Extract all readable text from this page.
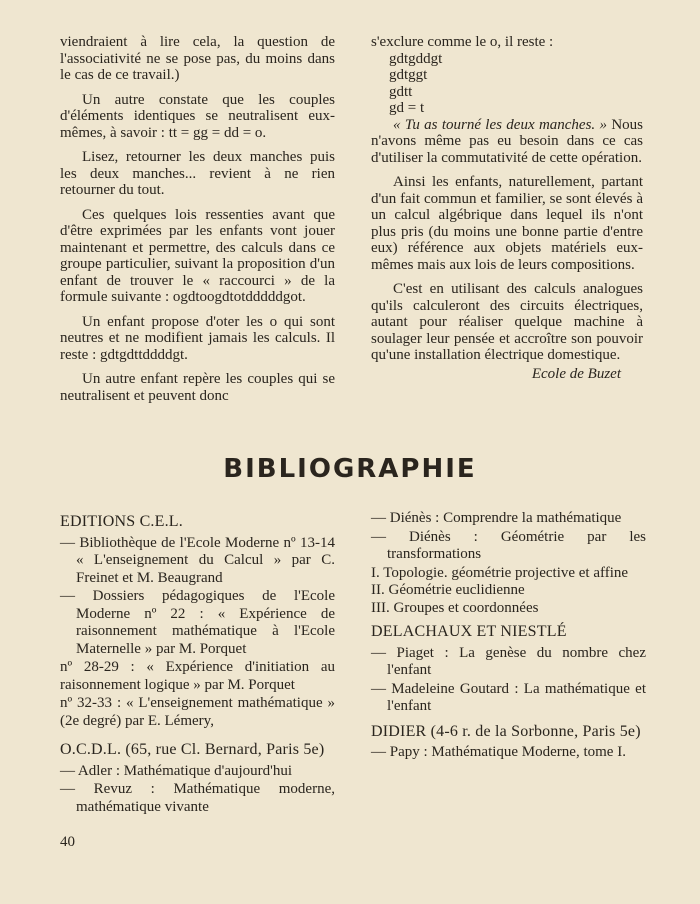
viendraient à lire cela, la question de l'associativité ne se pose pas, du moins dans le cas de ce travail.)

Un autre constate que les couples d'éléments identiques se neutralisent eux-mêmes, à savoir : tt = gg = dd = o.

Lisez, retourner les deux manches puis les deux manches... revient à ne rien retourner du tout.

Ces quelques lois ressenties avant que d'être exprimées par les enfants vont jouer maintenant et permettre, des calculs dans ce groupe particulier, suivant la proposition d'un enfant de trouver le « raccourci » de la formule suivante : ogdtoogdtotdddddgot.

Un enfant propose d'oter les o qui sont neutres et ne modifient jamais les calculs. Il reste : gdtgdttddddgt.

Un autre enfant repère les couples qui se neutralisent et peuvent donc

s'exclure comme le o, il reste :

gdtgddgt
gdtggt
gdtt
gd = t

« Tu as tourné les deux manches. » Nous n'avons même pas eu besoin dans ce cas d'utiliser la commutativité de cette opération.

Ainsi les enfants, naturellement, partant d'un fait commun et familier, se sont élevés à un calcul algébrique dans lequel ils n'ont plus pris (du moins une bonne partie d'entre eux) référence aux objets matériels eux-mêmes mais aux lois de leurs compositions.

C'est en utilisant des calculs analogues qu'ils calculeront des circuits électriques, autant pour réaliser quelque machine à soulager leur pensée et accroître son pouvoir qu'une installation électrique domestique.

Ecole de Buzet
BIBLIOGRAPHIE
EDITIONS C.E.L.
— Bibliothèque de l'Ecole Moderne nº 13-14 « L'enseignement du Calcul » par C. Freinet et M. Beaugrand
— Dossiers pédagogiques de l'Ecole Moderne nº 22 : « Expérience de raisonnement mathématique à l'Ecole Maternelle » par M. Porquet
nº 28-29 : « Expérience d'initiation au raisonnement logique » par M. Porquet
nº 32-33 : « L'enseignement mathématique » (2e degré) par E. Lémery,
O.C.D.L. (65, rue Cl. Bernard, Paris 5e)
— Adler : Mathématique d'aujourd'hui
— Revuz : Mathématique moderne, mathématique vivante
— Diénès : Comprendre la mathématique
— Diénès : Géométrie par les transformations
I. Topologie. géométrie projective et affine
II. Géométrie euclidienne
III. Groupes et coordonnées
DELACHAUX ET NIESTLÉ
— Piaget : La genèse du nombre chez l'enfant
— Madeleine Goutard : La mathématique et l'enfant
DIDIER (4-6 r. de la Sorbonne, Paris 5e)
— Papy : Mathématique Moderne, tome I.
40
